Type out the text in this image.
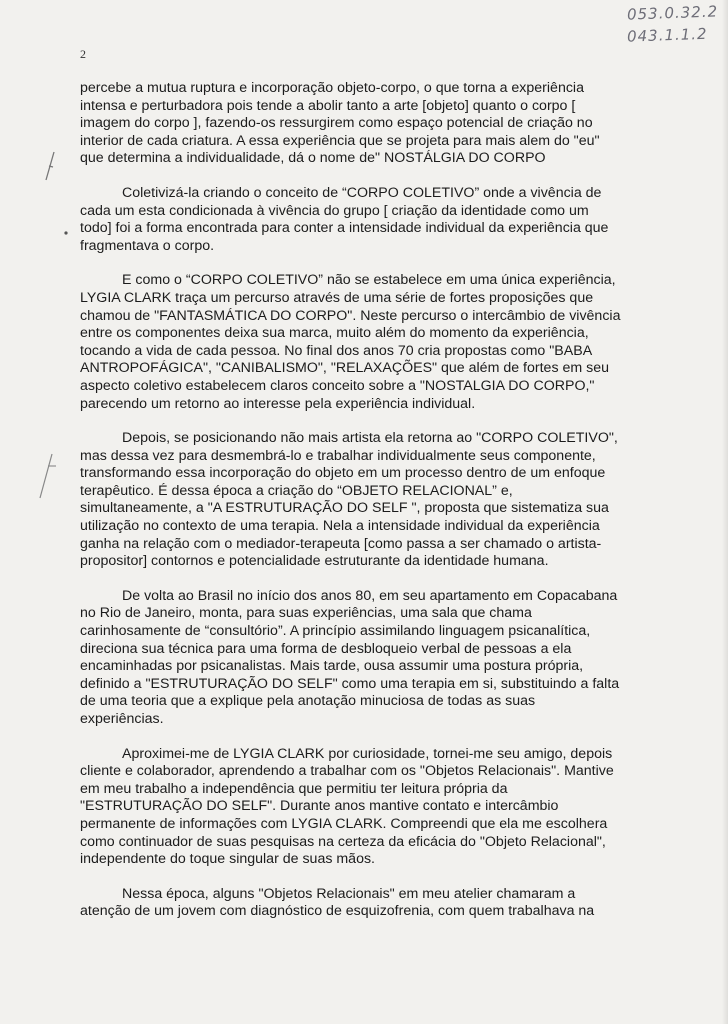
053.0.32.2
043.1.1.2
2

percebe a mutua ruptura e incorporação objeto-corpo, o que torna a experiência intensa e perturbadora pois tende a abolir tanto a arte [objeto] quanto o corpo [ imagem do corpo ], fazendo-os ressurgirem como espaço potencial de criação no interior de cada criatura. A essa experiência que se projeta para mais alem do "eu" que determina a individualidade, dá o nome de" NOSTÁLGIA DO CORPO

Coletivizá-la criando o conceito de “CORPO COLETIVO” onde a vivência de cada um esta condicionada à vivência do grupo [ criação da identidade como um todo] foi a forma encontrada para conter a intensidade individual da experiência que fragmentava o corpo.

E como o “CORPO COLETIVO” não se estabelece em uma única experiência, LYGIA CLARK traça um percurso através de uma série de fortes proposições que chamou de "FANTASMÁTICA DO CORPO". Neste percurso o intercâmbio de vivência entre os componentes deixa sua marca, muito além do momento da experiência, tocando a vida de cada pessoa. No final dos anos 70 cria propostas como "BABA ANTROPOFÁGICA", "CANIBALISMO", "RELAXAÇÕES" que além de fortes em seu aspecto coletivo estabelecem claros conceito sobre a "NOSTALGIA DO CORPO," parecendo um retorno ao interesse pela experiência individual.

Depois, se posicionando não mais artista ela retorna ao "CORPO COLETIVO", mas dessa vez para desmembrá-lo e trabalhar individualmente seus componente, transformando essa incorporação do objeto em um processo dentro de um enfoque terapêutico. É dessa época a criação do “OBJETO RELACIONAL” e, simultaneamente, a "A ESTRUTURAÇÃO DO SELF ", proposta que sistematiza sua utilização no contexto de uma terapia. Nela a intensidade individual da experiência ganha na relação com o mediador-terapeuta [como passa a ser chamado o artista-propositor] contornos e potencialidade estruturante da identidade humana.

De volta ao Brasil no início dos anos 80, em seu apartamento em Copacabana no Rio de Janeiro, monta, para suas experiências, uma sala que chama carinhosamente de “consultório”. A princípio assimilando linguagem psicanalítica, direciona sua técnica para uma forma de desbloqueio verbal de pessoas a ela encaminhadas por psicanalistas. Mais tarde, ousa assumir uma postura própria, definido a "ESTRUTURAÇÃO DO SELF" como uma terapia em si, substituindo a falta de uma teoria que a explique pela anotação minuciosa de todas as suas experiências.

Aproximei-me de LYGIA CLARK por curiosidade, tornei-me seu amigo, depois cliente e colaborador, aprendendo a trabalhar com os "Objetos Relacionais". Mantive em meu trabalho a independência que permitiu ter leitura própria da "ESTRUTURAÇÃO DO SELF". Durante anos mantive contato e intercâmbio permanente de informações com LYGIA CLARK. Compreendi que ela me escolhera como continuador de suas pesquisas na certeza da eficácia do "Objeto Relacional", independente do toque singular de suas mãos.

Nessa época, alguns "Objetos Relacionais" em meu atelier chamaram a atenção de um jovem com diagnóstico de esquizofrenia, com quem trabalhava na
